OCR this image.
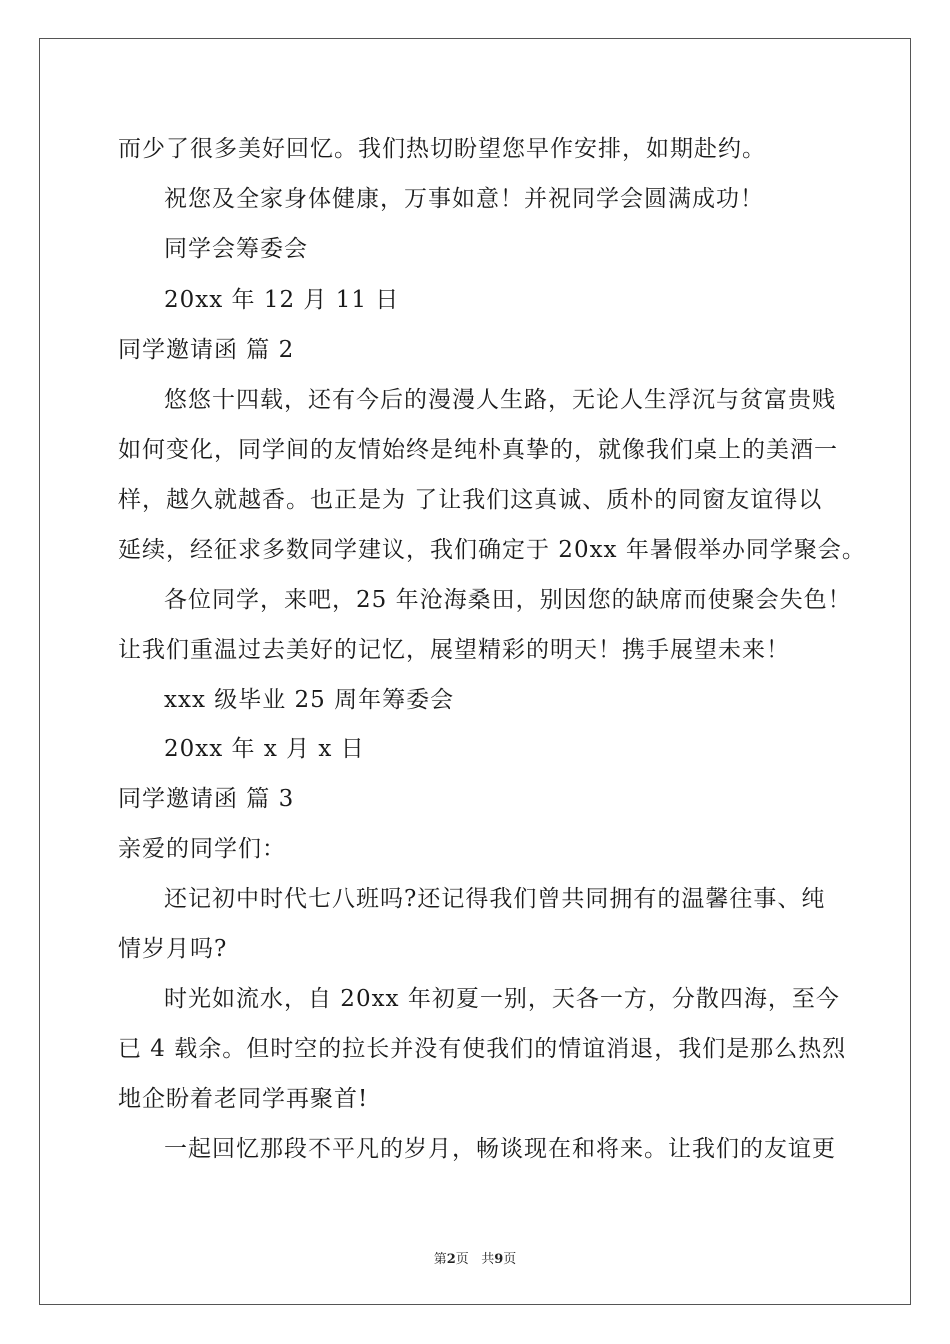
而少了很多美好回忆。我们热切盼望您早作安排，如期赴约。
祝您及全家身体健康，万事如意！并祝同学会圆满成功！
同学会筹委会
20xx 年 12 月 11 日
同学邀请函 篇 2
悠悠十四载，还有今后的漫漫人生路，无论人生浮沉与贫富贵贱
如何变化，同学间的友情始终是纯朴真挚的，就像我们桌上的美酒一
样，越久就越香。也正是为 了让我们这真诚、质朴的同窗友谊得以
延续，经征求多数同学建议，我们确定于 20xx 年暑假举办同学聚会。
各位同学，来吧，25 年沧海桑田，别因您的缺席而使聚会失色！
让我们重温过去美好的记忆，展望精彩的明天！携手展望未来！
xxx 级毕业 25 周年筹委会
20xx 年 x 月 x 日
同学邀请函 篇 3
亲爱的同学们：
还记初中时代七八班吗?还记得我们曾共同拥有的温馨往事、纯
情岁月吗?
时光如流水，自 20xx 年初夏一别，天各一方，分散四海，至今
已 4 载余。但时空的拉长并没有使我们的情谊消退，我们是那么热烈
地企盼着老同学再聚首!
一起回忆那段不平凡的岁月，畅谈现在和将来。让我们的友谊更
第2页 共9页
